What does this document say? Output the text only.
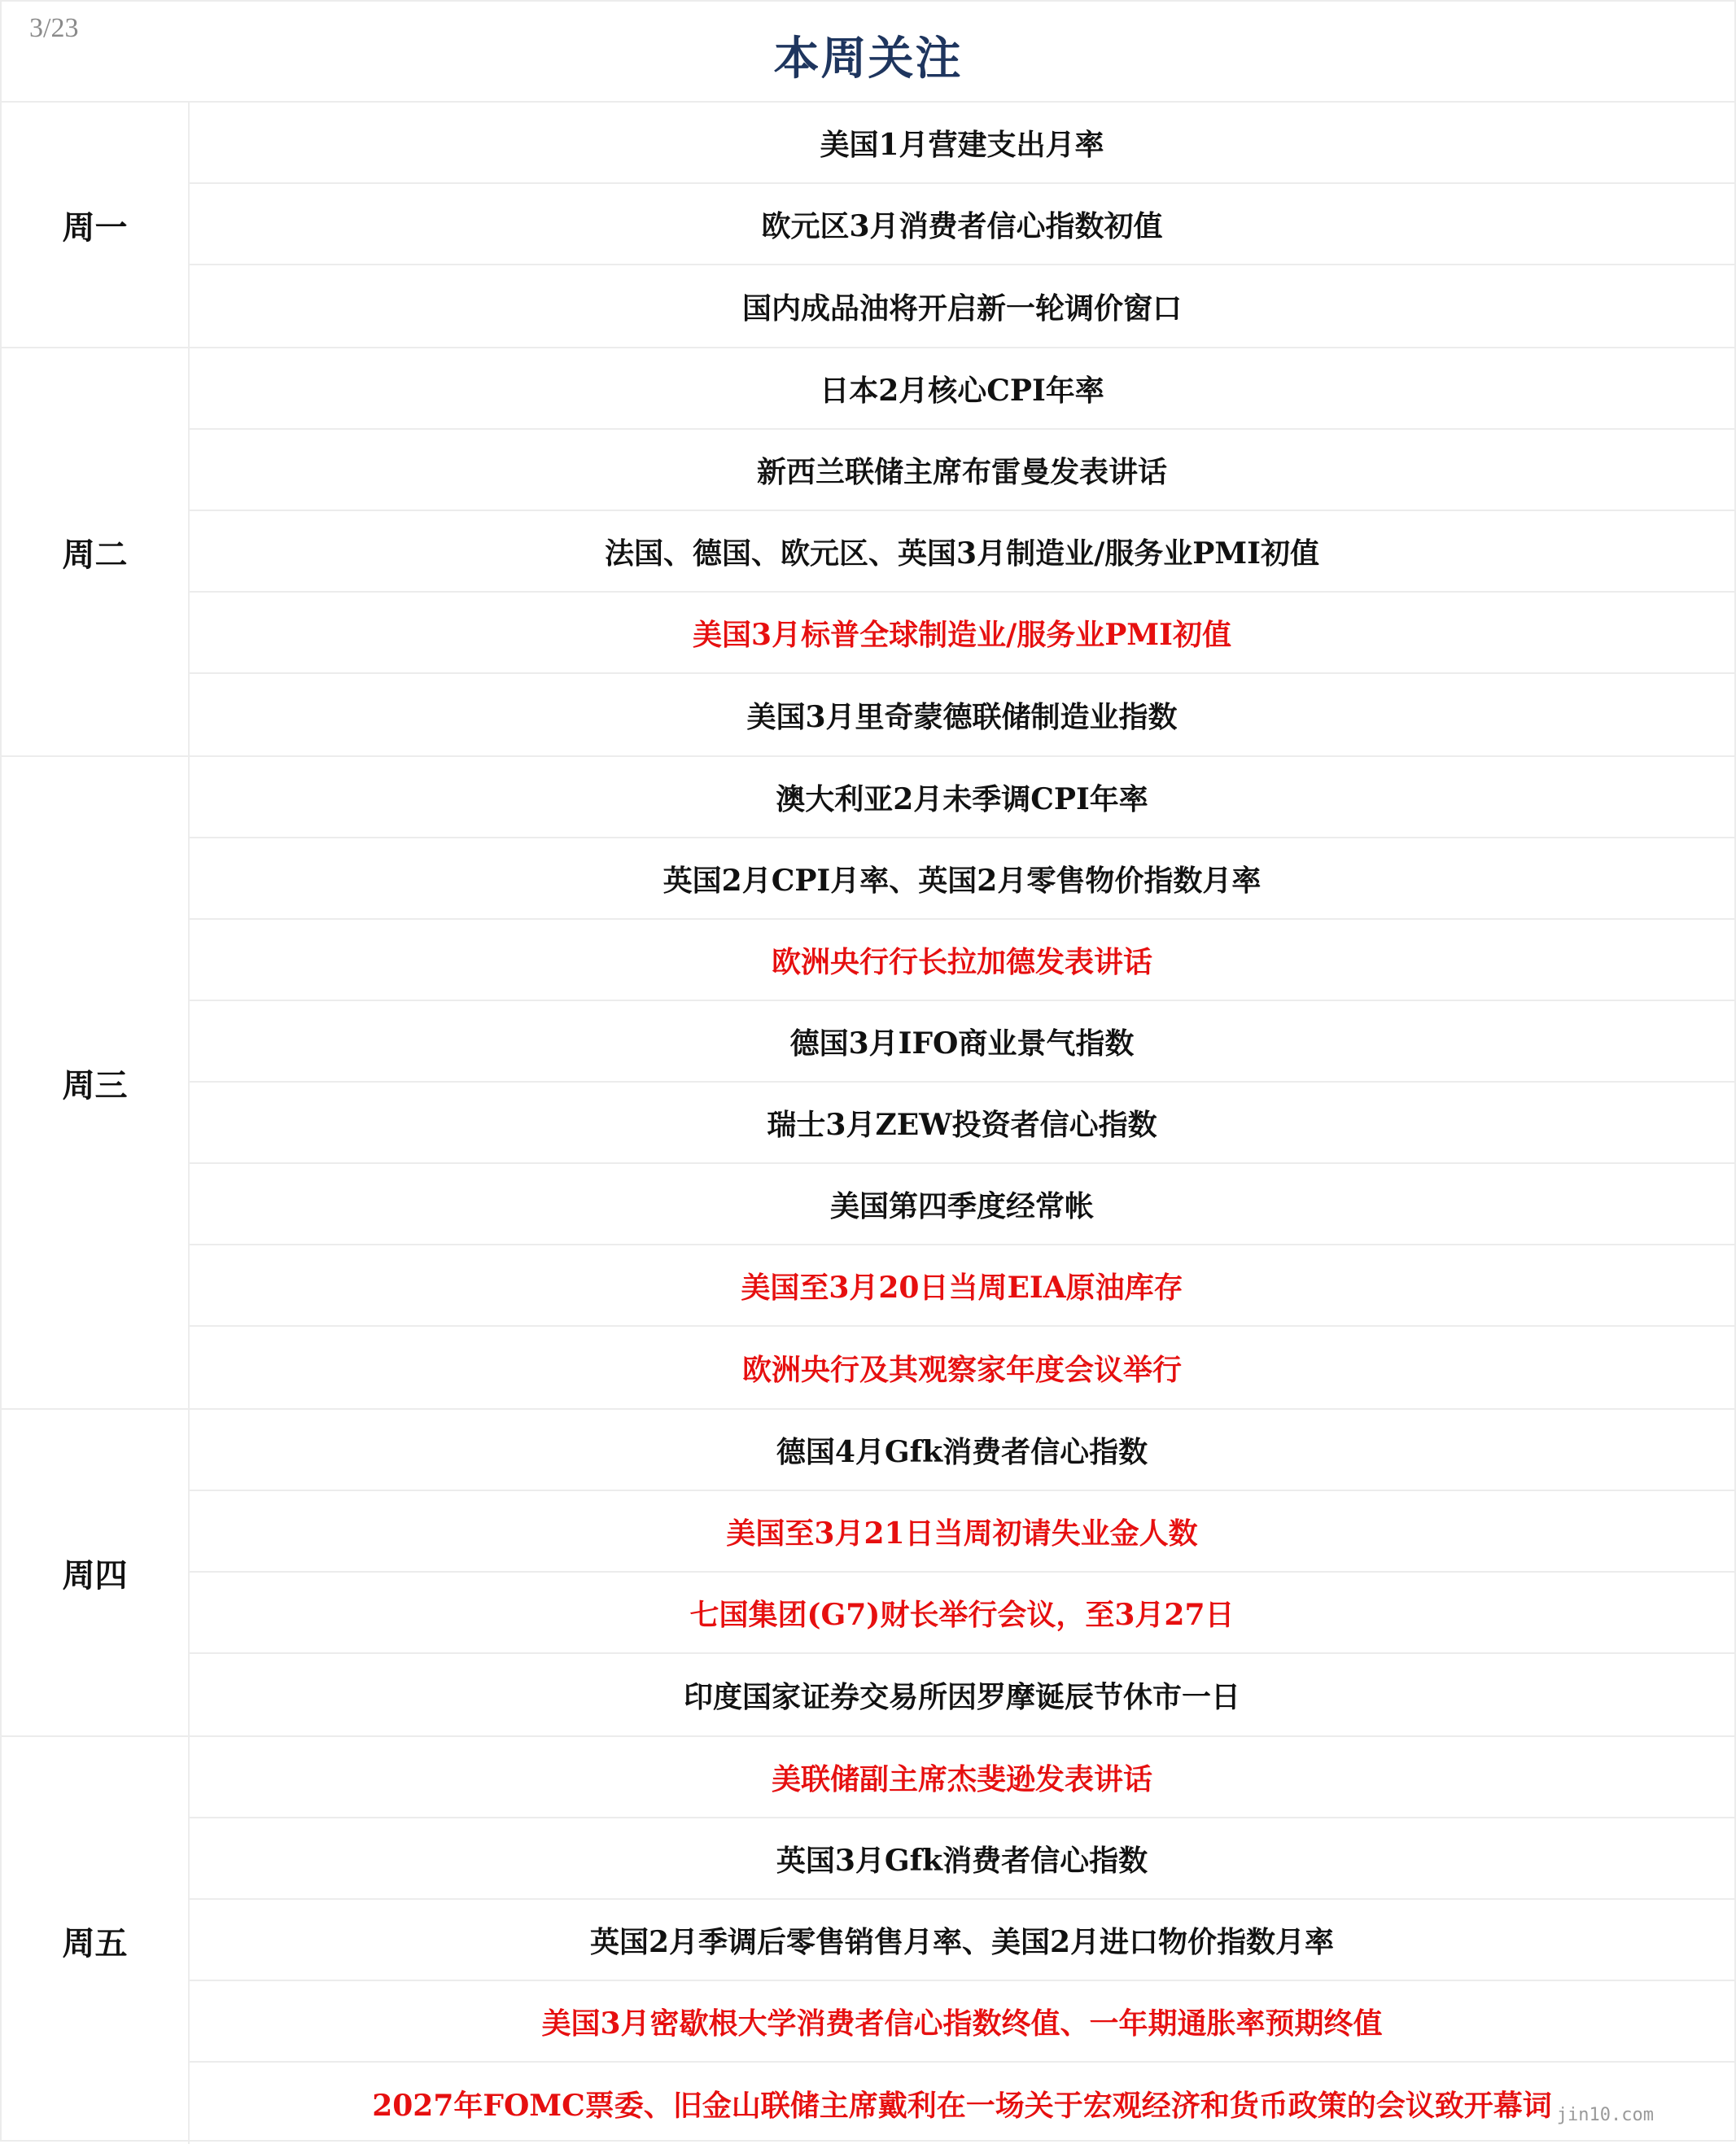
3/23
本周关注
周一
美国1月营建支出月率
欧元区3月消费者信心指数初值
国内成品油将开启新一轮调价窗口
周二
日本2月核心CPI年率
新西兰联储主席布雷曼发表讲话
法国、德国、欧元区、英国3月制造业/服务业PMI初值
美国3月标普全球制造业/服务业PMI初值
美国3月里奇蒙德联储制造业指数
周三
澳大利亚2月未季调CPI年率
英国2月CPI月率、英国2月零售物价指数月率
欧洲央行行长拉加德发表讲话
德国3月IFO商业景气指数
瑞士3月ZEW投资者信心指数
美国第四季度经常帐
美国至3月20日当周EIA原油库存
欧洲央行及其观察家年度会议举行
周四
德国4月Gfk消费者信心指数
美国至3月21日当周初请失业金人数
七国集团(G7)财长举行会议，至3月27日
印度国家证券交易所因罗摩诞辰节休市一日
周五
美联储副主席杰斐逊发表讲话
英国3月Gfk消费者信心指数
英国2月季调后零售销售月率、美国2月进口物价指数月率
美国3月密歇根大学消费者信心指数终值、一年期通胀率预期终值
2027年FOMC票委、旧金山联储主席戴利在一场关于宏观经济和货币政策的会议致开幕词 jin10.com
